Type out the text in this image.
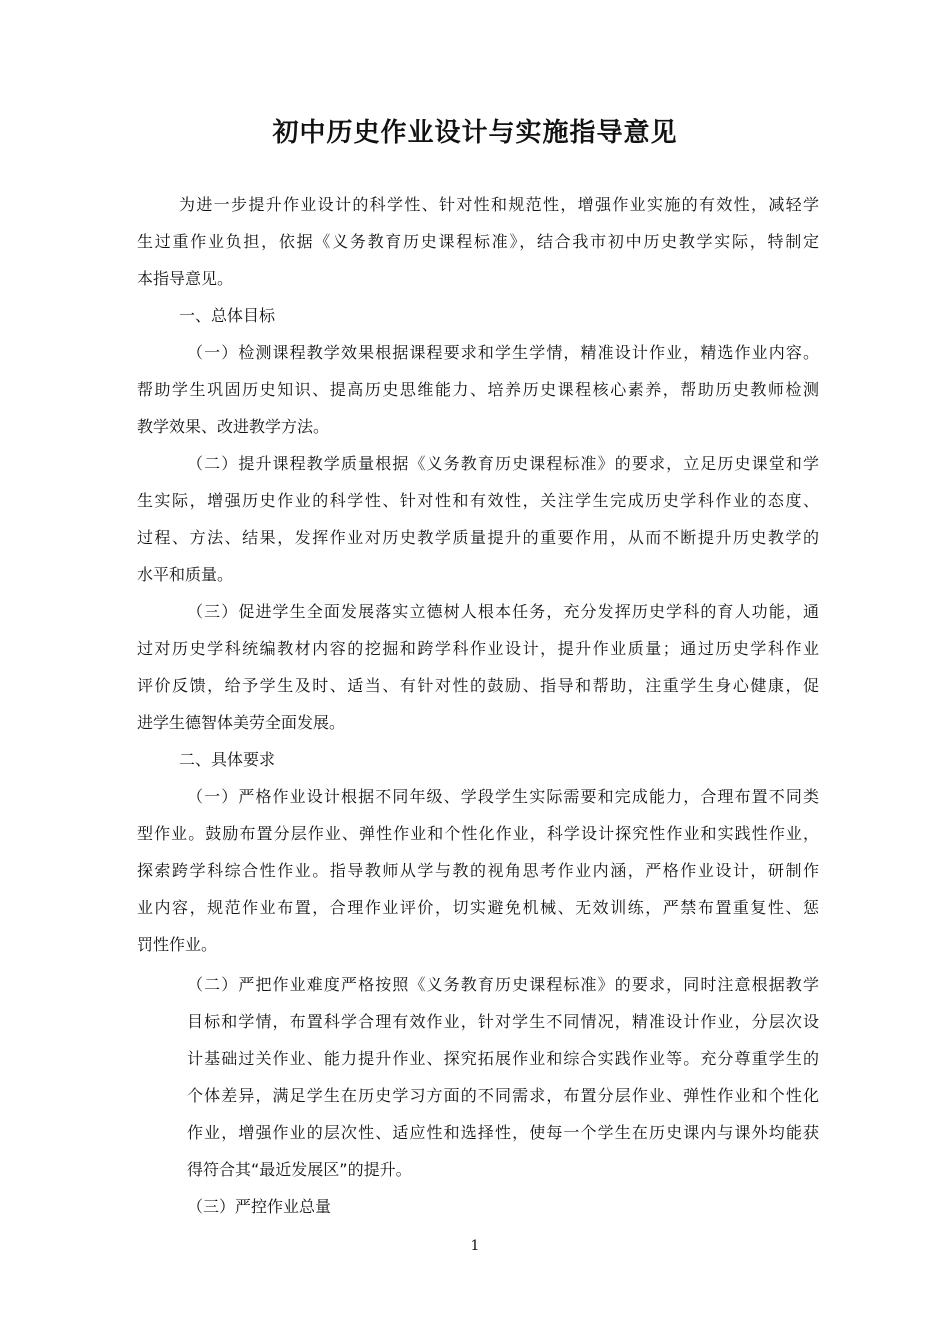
初中历史作业设计与实施指导意见
为进一步提升作业设计的科学性、针对性和规范性，增强作业实施的有效性，减轻学
生过重作业负担，依据《义务教育历史课程标准》，结合我市初中历史教学实际，特制定
本指导意见。
一、总体目标
（一）检测课程教学效果根据课程要求和学生学情，精准设计作业，精选作业内容。
帮助学生巩固历史知识、提高历史思维能力、培养历史课程核心素养，帮助历史教师检测
教学效果、改进教学方法。
（二）提升课程教学质量根据《义务教育历史课程标准》的要求，立足历史课堂和学
生实际，增强历史作业的科学性、针对性和有效性，关注学生完成历史学科作业的态度、
过程、方法、结果，发挥作业对历史教学质量提升的重要作用，从而不断提升历史教学的
水平和质量。
（三）促进学生全面发展落实立德树人根本任务，充分发挥历史学科的育人功能，通
过对历史学科统编教材内容的挖掘和跨学科作业设计，提升作业质量；通过历史学科作业
评价反馈，给予学生及时、适当、有针对性的鼓励、指导和帮助，注重学生身心健康，促
进学生德智体美劳全面发展。
二、具体要求
（一）严格作业设计根据不同年级、学段学生实际需要和完成能力，合理布置不同类
型作业。鼓励布置分层作业、弹性作业和个性化作业，科学设计探究性作业和实践性作业，
探索跨学科综合性作业。指导教师从学与教的视角思考作业内涵，严格作业设计，研制作
业内容，规范作业布置，合理作业评价，切实避免机械、无效训练，严禁布置重复性、惩
罚性作业。
（二）严把作业难度严格按照《义务教育历史课程标准》的要求，同时注意根据教学
目标和学情，布置科学合理有效作业，针对学生不同情况，精准设计作业，分层次设
计基础过关作业、能力提升作业、探究拓展作业和综合实践作业等。充分尊重学生的
个体差异，满足学生在历史学习方面的不同需求，布置分层作业、弹性作业和个性化
作业，增强作业的层次性、适应性和选择性，使每一个学生在历史课内与课外均能获
得符合其“最近发展区”的提升。
（三）严控作业总量
1
